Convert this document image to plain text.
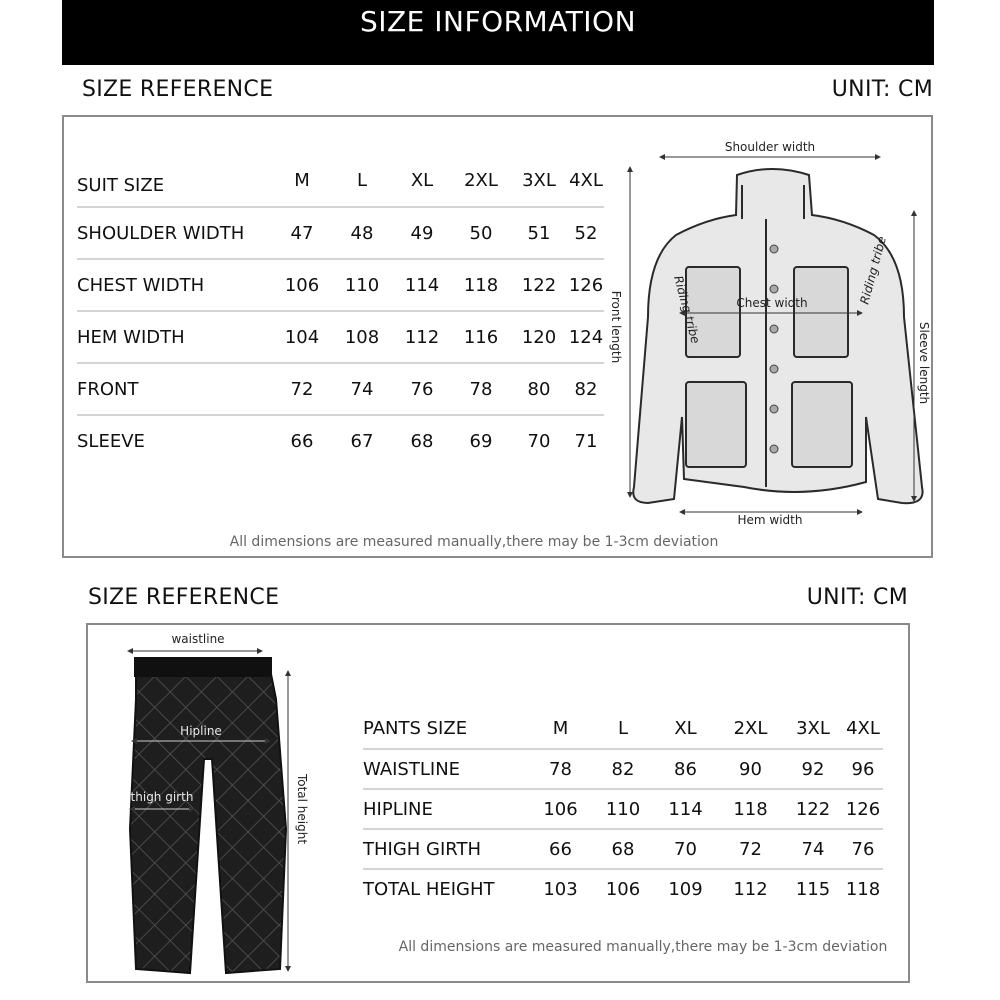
SIZE INFORMATION
SIZE REFERENCE	UNIT: CM
SUIT SIZE	M	L	XL	2XL	3XL	4XL
SHOULDER WIDTH	47	48	49	50	51	52
CHEST WIDTH	106	110	114	118	122	126
HEM WIDTH	104	108	112	116	120	124
FRONT	72	74	76	78	80	82
SLEEVE	66	67	68	69	70	71
All dimensions are measured manually,there may be 1-3cm deviation
Riding tribe
Riding tribe
Shoulder width
Chest width
Hem width
Front length	Sleeve length
SIZE REFERENCE	UNIT: CM
waistline
Hipline
thigh girth	Total height
PANTS SIZE	M	L	XL	2XL	3XL	4XL
WAISTLINE	78	82	86	90	92	96
HIPLINE	106	110	114	118	122	126
THIGH GIRTH	66	68	70	72	74	76
TOTAL HEIGHT	103	106	109	112	115	118
All dimensions are measured manually,there may be 1-3cm deviation
